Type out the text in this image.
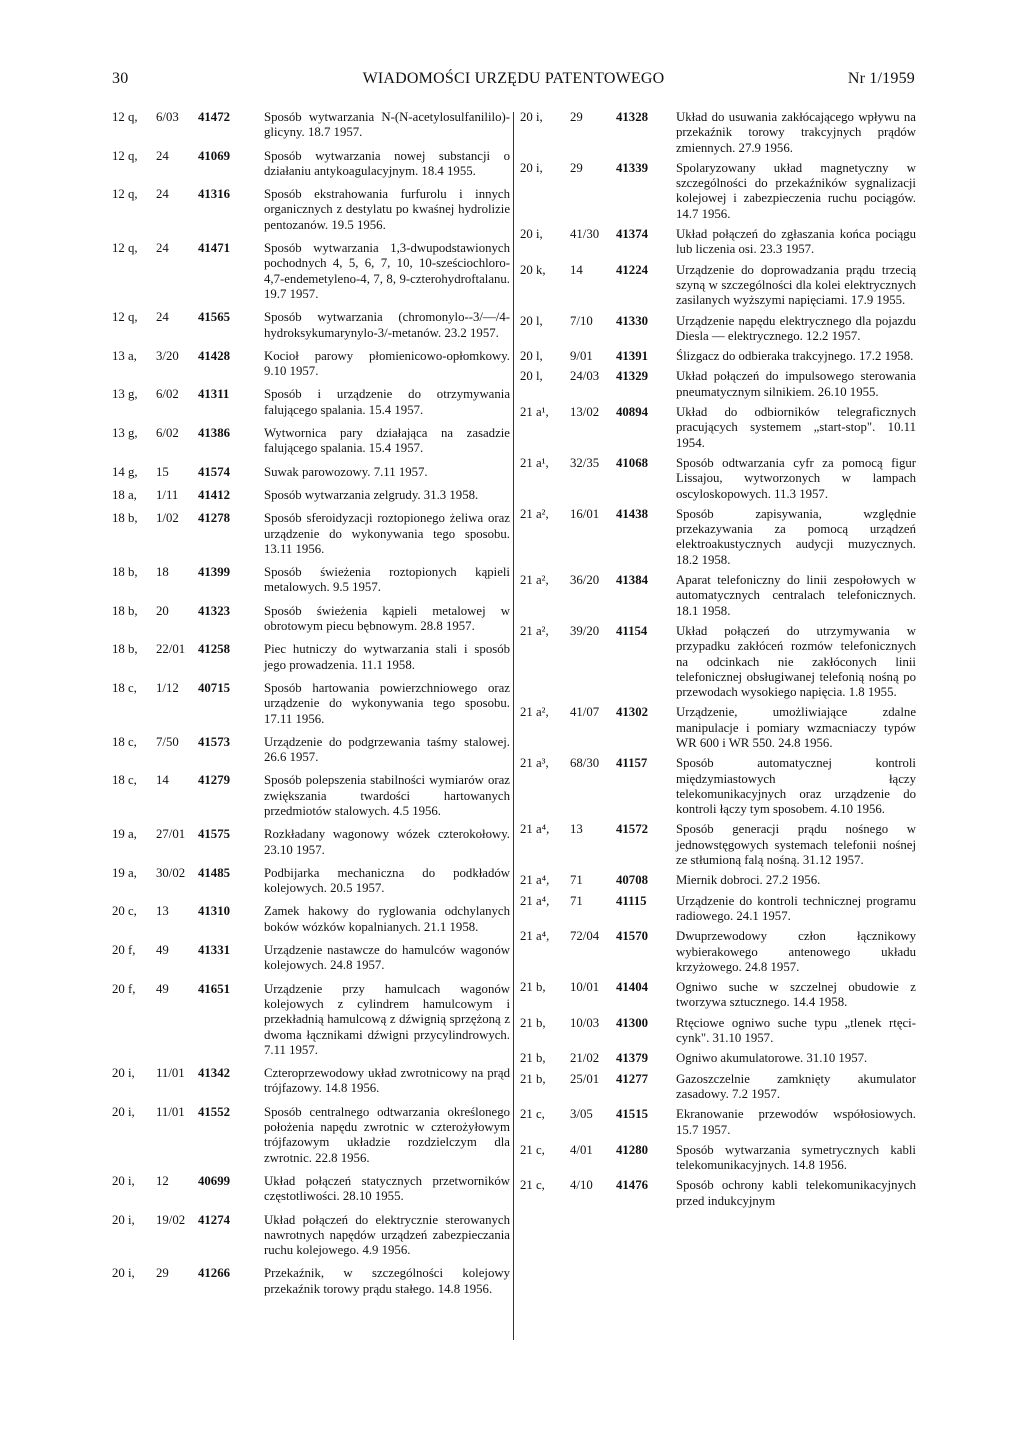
30	WIADOMOŚCI URZĘDU PATENTOWEGO	Nr 1/1959
12 q,	6/03	41472	Sposób wytwarzania N-(N-acetylosulfanililo)-glicyny. 18.7 1957.
12 q,	24	41069	Sposób wytwarzania nowej substancji o działaniu antykoagulacyjnym. 18.4 1955.
12 q,	24	41316	Sposób ekstrahowania furfurolu i innych organicznych z destylatu po kwaśnej hydrolizie pentozanów. 19.5 1956.
12 q,	24	41471	Sposób wytwarzania 1,3-dwupodstawionych pochodnych 4, 5, 6, 7, 10, 10-sześciochloro-4,7-endemetyleno-4, 7, 8, 9-czterohydroftalanu. 19.7 1957.
12 q,	24	41565	Sposób wytwarzania (chromonylo--3/—/4-hydroksykumarynylo-3/-metanów. 23.2 1957.
13 a,	3/20	41428	Kocioł parowy płomienicowo-opłomkowy. 9.10 1957.
13 g,	6/02	41311	Sposób i urządzenie do otrzymywania falującego spalania. 15.4 1957.
13 g,	6/02	41386	Wytwornica pary działająca na zasadzie falującego spalania. 15.4 1957.
14 g,	15	41574	Suwak parowozowy. 7.11 1957.
18 a,	1/11	41412	Sposób wytwarzania zelgrudy. 31.3 1958.
18 b,	1/02	41278	Sposób sferoidyzacji roztopionego żeliwa oraz urządzenie do wykonywania tego sposobu. 13.11 1956.
18 b,	18	41399	Sposób świeżenia roztopionych kąpieli metalowych. 9.5 1957.
18 b,	20	41323	Sposób świeżenia kąpieli metalowej w obrotowym piecu bębnowym. 28.8 1957.
18 b,	22/01	41258	Piec hutniczy do wytwarzania stali i sposób jego prowadzenia. 11.1 1958.
18 c,	1/12	40715	Sposób hartowania powierzchniowego oraz urządzenie do wykonywania tego sposobu. 17.11 1956.
18 c,	7/50	41573	Urządzenie do podgrzewania taśmy stalowej. 26.6 1957.
18 c,	14	41279	Sposób polepszenia stabilności wymiarów oraz zwiększania twardości hartowanych przedmiotów stalowych. 4.5 1956.
19 a,	27/01	41575	Rozkładany wagonowy wózek czterokołowy. 23.10 1957.
19 a,	30/02	41485	Podbijarka mechaniczna do podkładów kolejowych. 20.5 1957.
20 c,	13	41310	Zamek hakowy do ryglowania odchylanych boków wózków kopalnianych. 21.1 1958.
20 f,	49	41331	Urządzenie nastawcze do hamulców wagonów kolejowych. 24.8 1957.
20 f,	49	41651	Urządzenie przy hamulcach wagonów kolejowych z cylindrem hamulcowym i przekładnią hamulcową z dźwignią sprzężoną z dwoma łącznikami dźwigni przycylindrowych. 7.11 1957.
20 i,	11/01	41342	Czteroprzewodowy układ zwrotnicowy na prąd trójfazowy. 14.8 1956.
20 i,	11/01	41552	Sposób centralnego odtwarzania określonego położenia napędu zwrotnic w czterożyłowym trójfazowym układzie rozdzielczym dla zwrotnic. 22.8 1956.
20 i,	12	40699	Układ połączeń statycznych przetworników częstotliwości. 28.10 1955.
20 i,	19/02	41274	Układ połączeń do elektrycznie sterowanych nawrotnych napędów urządzeń zabezpieczania ruchu kolejowego. 4.9 1956.
20 i,	29	41266	Przekaźnik, w szczególności kolejowy przekaźnik torowy prądu stałego. 14.8 1956.
20 i,	29	41328	Układ do usuwania zakłócającego wpływu na przekaźnik torowy trakcyjnych prądów zmiennych. 27.9 1956.
20 i,	29	41339	Spolaryzowany układ magnetyczny w szczególności do przekaźników sygnalizacji kolejowej i zabezpieczenia ruchu pociągów. 14.7 1956.
20 i,	41/30	41374	Układ połączeń do zgłaszania końca pociągu lub liczenia osi. 23.3 1957.
20 k,	14	41224	Urządzenie do doprowadzania prądu trzecią szyną w szczególności dla kolei elektrycznych zasilanych wyższymi napięciami. 17.9 1955.
20 l,	7/10	41330	Urządzenie napędu elektrycznego dla pojazdu Diesla — elektrycznego. 12.2 1957.
20 l,	9/01	41391	Ślizgacz do odbieraka trakcyjnego. 17.2 1958.
20 l,	24/03	41329	Układ połączeń do impulsowego sterowania pneumatycznym silnikiem. 26.10 1955.
21 a¹,	13/02	40894	Układ do odbiorników telegraficznych pracujących systemem „start-stop". 10.11 1954.
21 a¹,	32/35	41068	Sposób odtwarzania cyfr za pomocą figur Lissajou, wytworzonych w lampach oscyloskopowych. 11.3 1957.
21 a²,	16/01	41438	Sposób zapisywania, względnie przekazywania za pomocą urządzeń elektroakustycznych audycji muzycznych. 18.2 1958.
21 a²,	36/20	41384	Aparat telefoniczny do linii zespołowych w automatycznych centralach telefonicznych. 18.1 1958.
21 a²,	39/20	41154	Układ połączeń do utrzymywania w przypadku zakłóceń rozmów telefonicznych na odcinkach nie zakłóconych linii telefonicznej obsługiwanej telefonią nośną po przewodach wysokiego napięcia. 1.8 1955.
21 a²,	41/07	41302	Urządzenie, umożliwiające zdalne manipulacje i pomiary wzmacniaczy typów WR 600 i WR 550. 24.8 1956.
21 a³,	68/30	41157	Sposób automatycznej kontroli międzymiastowych łączy telekomunikacyjnych oraz urządzenie do kontroli łączy tym sposobem. 4.10 1956.
21 a⁴,	13	41572	Sposób generacji prądu nośnego w jednowstęgowych systemach telefonii nośnej ze stłumioną falą nośną. 31.12 1957.
21 a⁴,	71	40708	Miernik dobroci. 27.2 1956.
21 a⁴,	71	41115	Urządzenie do kontroli technicznej programu radiowego. 24.1 1957.
21 a⁴,	72/04	41570	Dwuprzewodowy człon łącznikowy wybierakowego antenowego układu krzyżowego. 24.8 1957.
21 b,	10/01	41404	Ogniwo suche w szczelnej obudowie z tworzywa sztucznego. 14.4 1958.
21 b,	10/03	41300	Rtęciowe ogniwo suche typu „tlenek rtęci-cynk". 31.10 1957.
21 b,	21/02	41379	Ogniwo akumulatorowe. 31.10 1957.
21 b,	25/01	41277	Gazoszczelnie zamknięty akumulator zasadowy. 7.2 1957.
21 c,	3/05	41515	Ekranowanie przewodów współosiowych. 15.7 1957.
21 c,	4/01	41280	Sposób wytwarzania symetrycznych kabli telekomunikacyjnych. 14.8 1956.
21 c,	4/10	41476	Sposób ochrony kabli telekomunikacyjnych przed indukcyjnym
